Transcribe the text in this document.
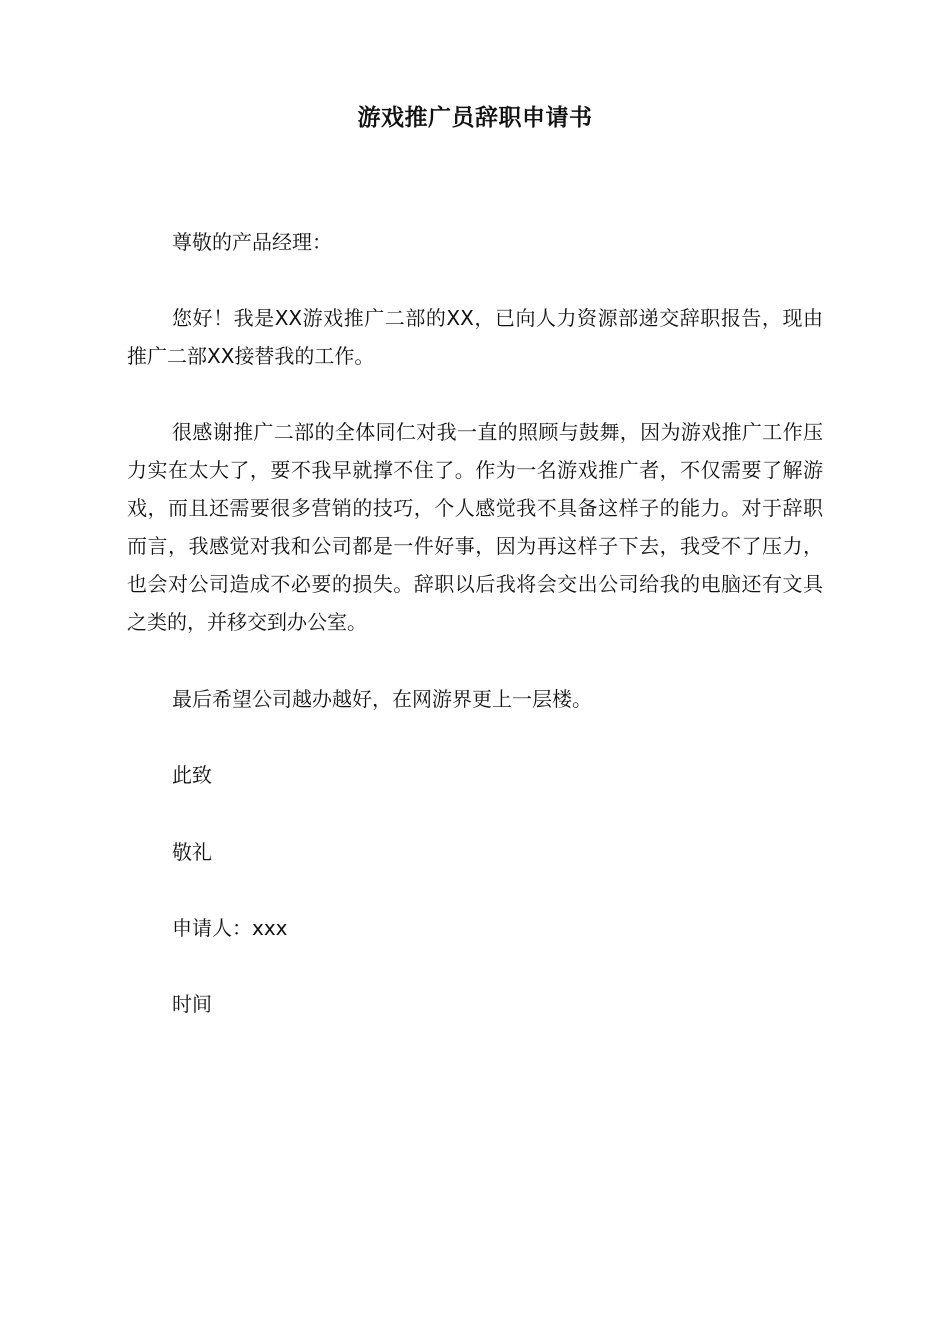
游戏推广员辞职申请书

尊敬的产品经理：

您好！我是XX游戏推广二部的XX，已向人力资源部递交辞职报告，现由推广二部XX接替我的工作。

很感谢推广二部的全体同仁对我一直的照顾与鼓舞，因为游戏推广工作压力实在太大了，要不我早就撑不住了。作为一名游戏推广者，不仅需要了解游戏，而且还需要很多营销的技巧，个人感觉我不具备这样子的能力。对于辞职而言，我感觉对我和公司都是一件好事，因为再这样子下去，我受不了压力，也会对公司造成不必要的损失。辞职以后我将会交出公司给我的电脑还有文具之类的，并移交到办公室。

最后希望公司越办越好，在网游界更上一层楼。

此致

敬礼

申请人：xxx

时间
